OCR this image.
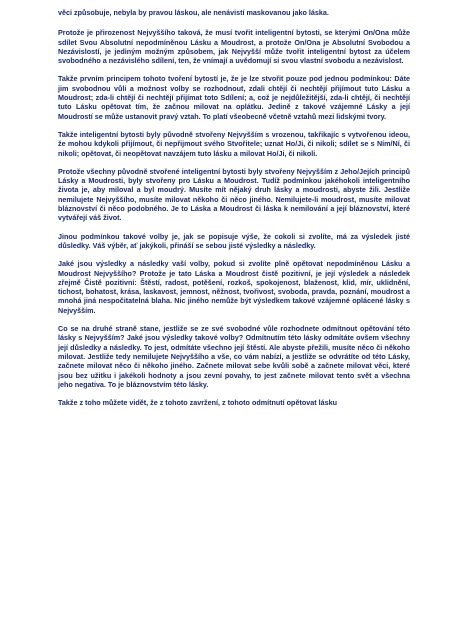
věci způsobuje, nebyla by pravou láskou, ale nenávistí maskovanou jako láska.

Protože je přirozenost Nejvyššího taková, že musí tvořit inteligentní bytosti, se kterými On/Ona může sdílet Svou Absolutní nepodmíněnou Lásku a Moudrost, a protože On/Ona je Absolutní Svobodou a Nezávislostí, je jediným možným způsobem, jak Nejvyšší může tvořit inteligentní bytost za účelem svobodného a nezávislého sdílení, ten, že vnímají a uvědomují si svou vlastní svobodu a nezávislost.

Takže prvním principem tohoto tvoření bytostí je, že je lze stvořit pouze pod jednou podmínkou: Dáte jim svobodnou vůli a možnost volby se rozhodnout, zdali chtějí či nechtějí přijímout tuto Lásku a Moudrost; zda-li chtějí či nechtějí přijímat toto Sdílení; a, což je nejdůležitější, zda-li chtějí, či nechtějí tuto Lásku opětovat tím, že začnou milovat na oplátku. Jedině z takové vzájemné Lásky a její Moudrostí se může ustanovit pravý vztah. To platí všeobecně včetně vztahů mezi lidskými tvory.

Takže inteligentní bytosti byly původně stvořeny Nejvyšším s vrozenou, takřikajíc s vytvořenou ideou, že mohou kdykoli přijímout, či nepřijmout svého Stvořitele; uznat Ho/Ji, či nikoli; sdílet se s Ním/Ní, či nikoli; opětovat, či neopětovat navzájem tuto lásku a milovat Ho/Ji, či nikoli.

Protože všechny původně stvořené inteligentní bytosti byly stvořeny Nejvyšším z Jeho/Jejích principů Lásky a Moudrosti, byly stvořeny pro Lásku a Moudrost. Tudíž podmínkou jakéhokoli inteligentního života je, aby miloval a byl moudrý. Musíte mít nějaký druh lásky a moudrosti, abyste žili. Jestliže nemilujete Nejvyššího, musíte milovat někoho či něco jiného. Nemilujete-li moudrost, musíte milovat bláznovství či něco podobného. Je to Láska a Moudrost či láska k nemilování a její bláznovství, které vytvářejí váš život.

Jinou podmínkou takové volby je, jak se popisuje výše, že cokoli si zvolíte, má za výsledek jisté důsledky. Váš výběr, ať jakýkoli, přináší se sebou jisté výsledky a následky.

Jaké jsou výsledky a následky vaší volby, pokud si zvolíte plně opětovat nepodmíněnou Lásku a Moudrost Nejvyššího? Protože je tato Láska a Moudrost čistě pozitivní, je její výsledek a následek zřejmě Čistě pozitivní: Štěstí, radost, potěšení, rozkoš, spokojenost, blaženost, klid, mír, uklidnění, tichost, bohatost, krása, laskavost, jemnost, něžnost, tvořivost, svoboda, pravda, poznání, moudrost a mnohá jiná nespočitatelná blaha. Nic jiného nemůže být výsledkem takové vzájemné oplácené lásky s Nejvyšším.

Co se na druhé straně stane, jestliže se ze své svobodné vůle rozhodnete odmítnout opětování této lásky s Nejvyšším? Jaké jsou výsledky takové volby? Odmítnutím této lásky odmítáte ovšem všechny její důsledky a následky. To jest, odmítáte všechno její štěstí. Ale abyste přežili, musíte něco či někoho milovat. Jestliže tedy nemilujete Nejvyššího a vše, co vám nabízí, a jestliže se odvrátíte od této Lásky, začnete milovat něco či někoho jiného. Začnete milovat sebe kvůli sobě a začnete milovat věci, které jsou bez užitku i jakékoli hodnoty a jsou zevní povahy, to jest začnete milovat tento svět a všechna jeho negativa. To je bláznovstvím této lásky.

Takže z toho můžete vidět, že z tohoto zavržení, z tohoto odmítnutí opětovat lásku
